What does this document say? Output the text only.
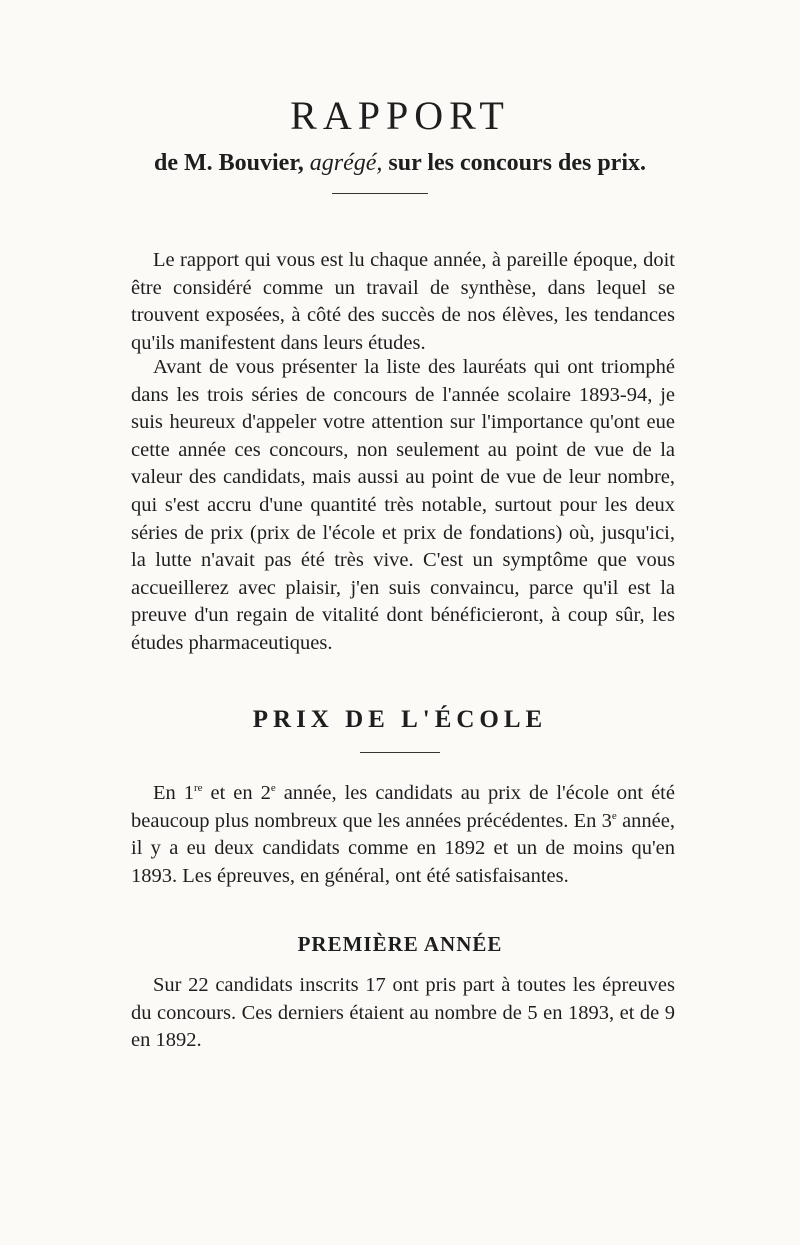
RAPPORT

de M. Bouvier, agrégé, sur les concours des prix.

Le rapport qui vous est lu chaque année, à pareille époque, doit être considéré comme un travail de synthèse, dans lequel se trouvent exposées, à côté des succès de nos élèves, les tendances qu'ils manifestent dans leurs études.

Avant de vous présenter la liste des lauréats qui ont triomphé dans les trois séries de concours de l'année scolaire 1893-94, je suis heureux d'appeler votre attention sur l'importance qu'ont eue cette année ces concours, non seulement au point de vue de la valeur des candidats, mais aussi au point de vue de leur nombre, qui s'est accru d'une quantité très notable, surtout pour les deux séries de prix (prix de l'école et prix de fondations) où, jusqu'ici, la lutte n'avait pas été très vive. C'est un symptôme que vous accueillerez avec plaisir, j'en suis convaincu, parce qu'il est la preuve d'un regain de vitalité dont bénéficieront, à coup sûr, les études pharmaceutiques.

PRIX DE L'ÉCOLE

En 1re et en 2e année, les candidats au prix de l'école ont été beaucoup plus nombreux que les années précédentes. En 3e année, il y a eu deux candidats comme en 1892 et un de moins qu'en 1893. Les épreuves, en général, ont été satisfaisantes.

PREMIÈRE ANNÉE

Sur 22 candidats inscrits 17 ont pris part à toutes les épreuves du concours. Ces derniers étaient au nombre de 5 en 1893, et de 9 en 1892.
